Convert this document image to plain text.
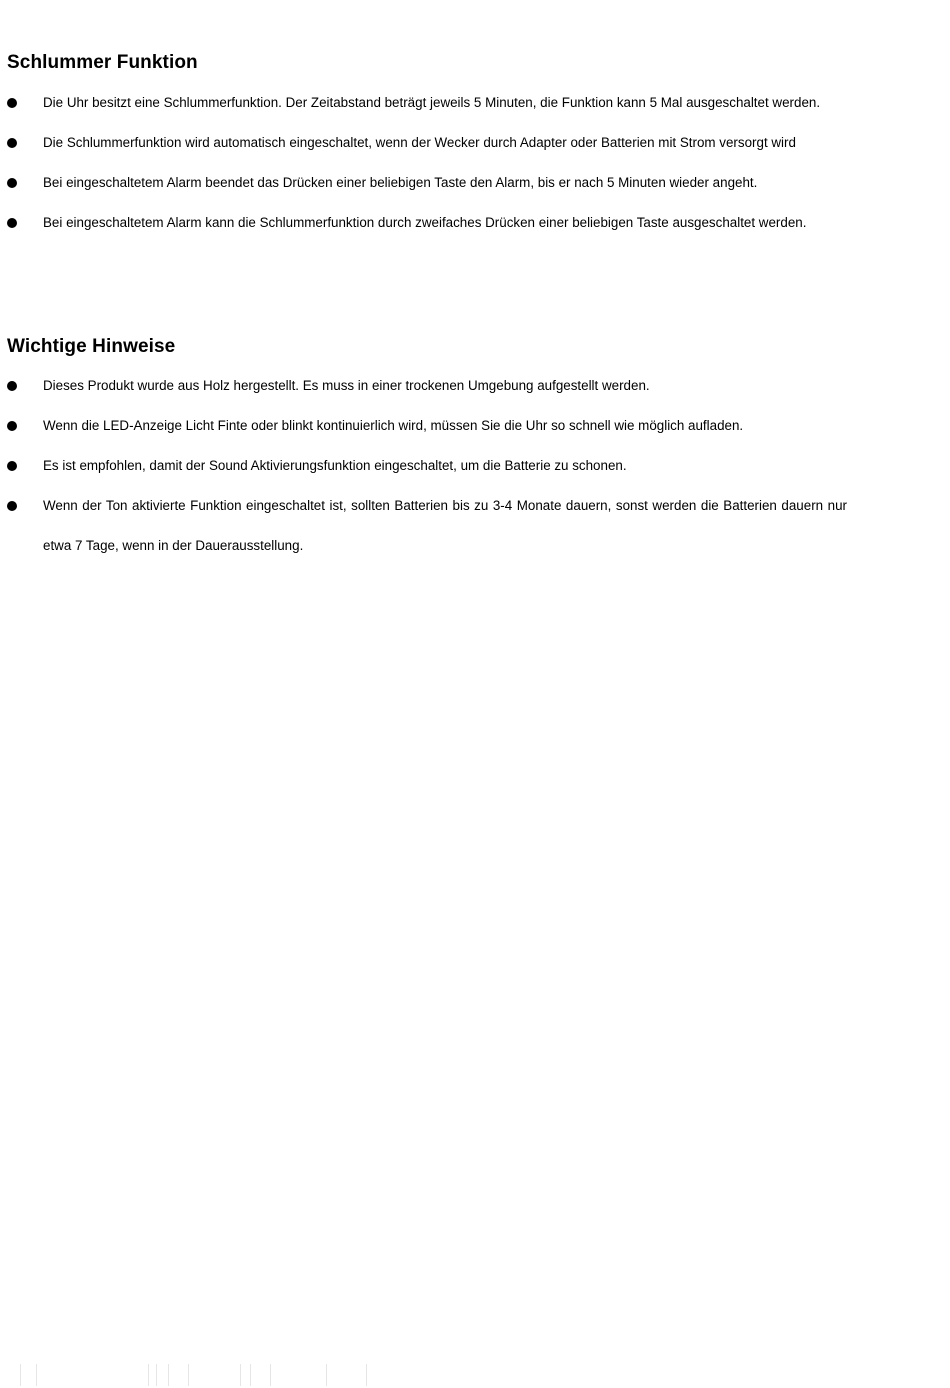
Schlummer Funktion
Die Uhr besitzt eine Schlummerfunktion. Der Zeitabstand beträgt jeweils 5 Minuten, die Funktion kann 5 Mal ausgeschaltet werden.
Die Schlummerfunktion wird automatisch eingeschaltet, wenn der Wecker durch Adapter oder Batterien mit Strom versorgt wird
Bei eingeschaltetem Alarm beendet das Drücken einer beliebigen Taste den Alarm, bis er nach 5 Minuten wieder angeht.
Bei eingeschaltetem Alarm kann die Schlummerfunktion durch zweifaches Drücken einer beliebigen Taste ausgeschaltet werden.
Wichtige Hinweise
Dieses Produkt wurde aus Holz hergestellt. Es muss in einer trockenen Umgebung aufgestellt werden.
Wenn die LED-Anzeige Licht Finte oder blinkt kontinuierlich wird, müssen Sie die Uhr so schnell wie möglich aufladen.
Es ist empfohlen, damit der Sound Aktivierungsfunktion eingeschaltet, um die Batterie zu schonen.
Wenn der Ton aktivierte Funktion eingeschaltet ist, sollten Batterien bis zu 3-4 Monate dauern, sonst werden die Batterien dauern nur etwa 7 Tage, wenn in der Dauerausstellung.
